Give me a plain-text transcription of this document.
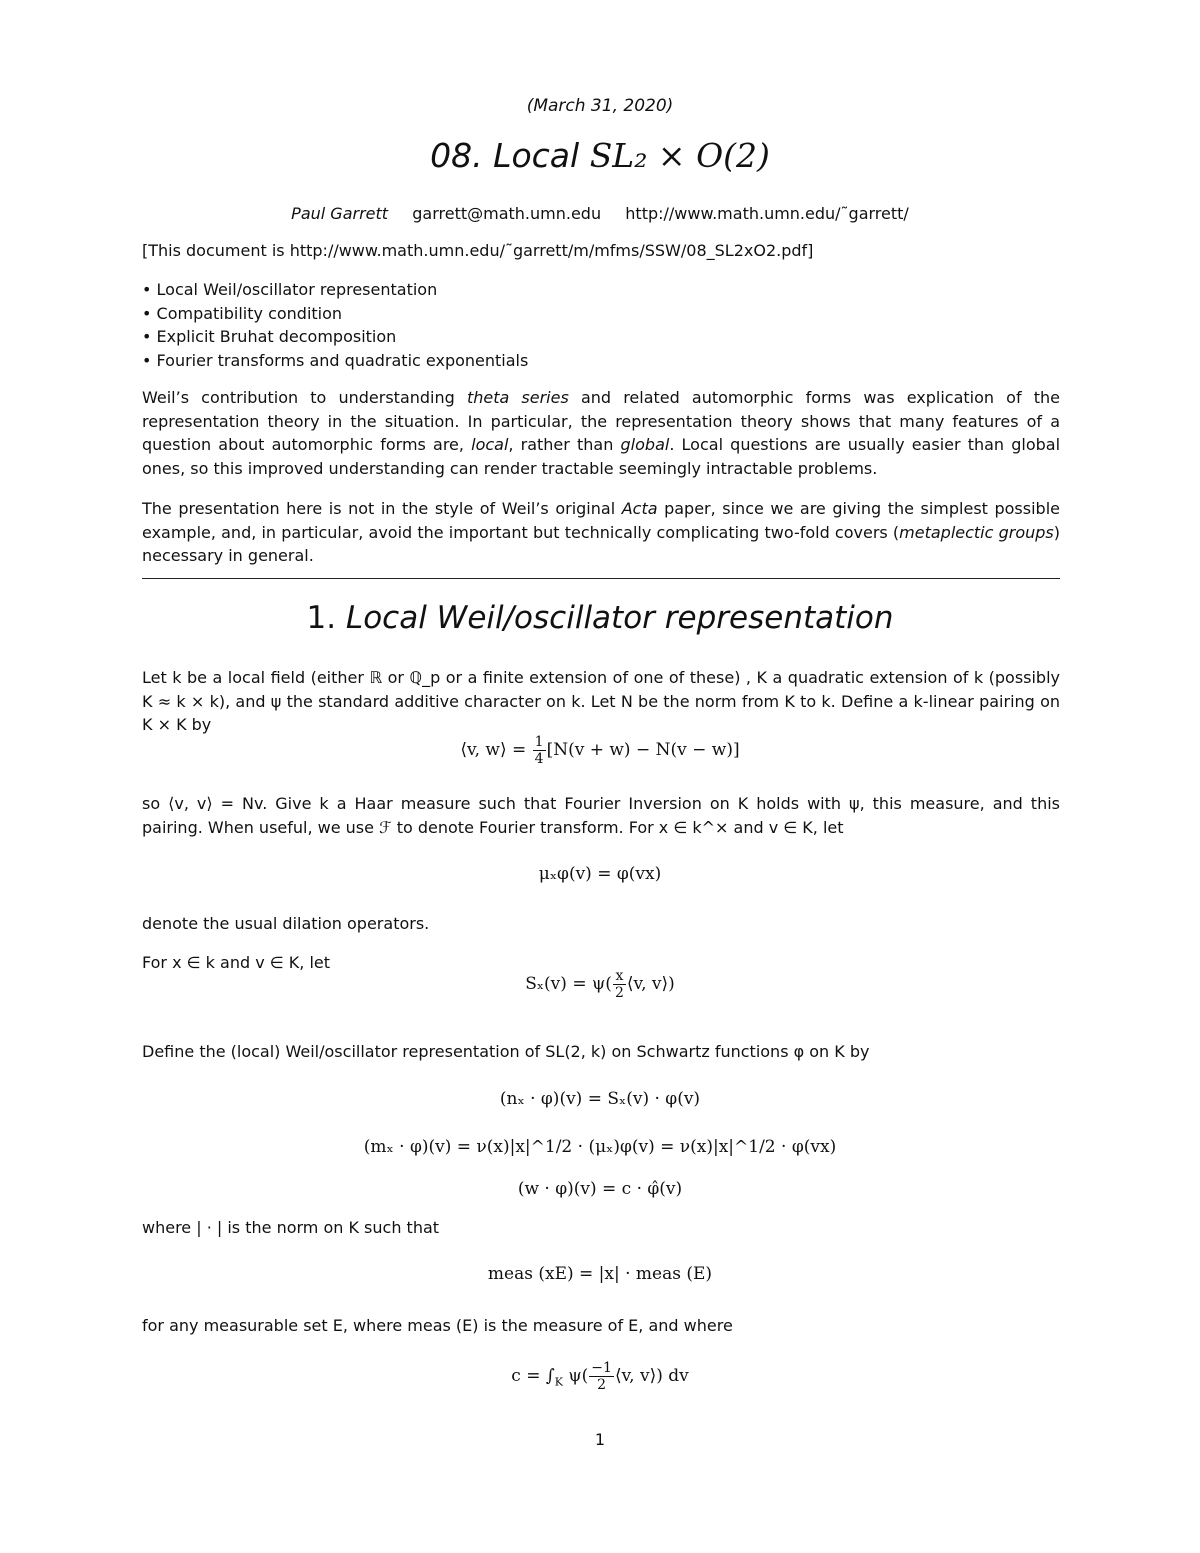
(March 31, 2020)
08. Local SL₂ × O(2)
Paul Garrett garrett@math.umn.edu http://www.math.umn.edu/˜garrett/
[This document is http://www.math.umn.edu/˜garrett/m/mfms/SSW/08_SL2xO2.pdf]
• Local Weil/oscillator representation
• Compatibility condition
• Explicit Bruhat decomposition
• Fourier transforms and quadratic exponentials
Weil’s contribution to understanding theta series and related automorphic forms was explication of the representation theory in the situation. In particular, the representation theory shows that many features of a question about automorphic forms are, local, rather than global. Local questions are usually easier than global ones, so this improved understanding can render tractable seemingly intractable problems.
The presentation here is not in the style of Weil’s original Acta paper, since we are giving the simplest possible example, and, in particular, avoid the important but technically complicating two-fold covers (metaplectic groups) necessary in general.
1. Local Weil/oscillator representation
Let k be a local field (either ℝ or ℚ_p or a finite extension of one of these) , K a quadratic extension of k (possibly K ≈ k × k), and ψ the standard additive character on k. Let N be the norm from K to k. Define a k-linear pairing on K × K by
⟨v, w⟩ = $\frac{1}{4} [N(v + w) - N(v - w)]$
so ⟨v, v⟩ = Nv. Give k a Haar measure such that Fourier Inversion on K holds with ψ, this measure, and this pairing. When useful, we use ℱ to denote Fourier transform. For x ∈ k^× and v ∈ K, let
μₓφ(v) = φ(vx)
denote the usual dilation operators.
For x ∈ k and v ∈ K, let
$S_x(v) = \psi( \frac{x}{2}$ ⟨v, v⟩)
Define the (local) Weil/oscillator representation of SL(2, k) on Schwartz functions φ on K by
(nₓ · φ)(v) = Sₓ(v) · φ(v)
(mₓ · φ)(v) = ν(x)|x|^1/2 · (μₓ)φ(v) = ν(x)|x|^1/2 · φ(vx)
(w · φ)(v) = c · φ̂(v)
where | · | is the norm on K such that
meas (xE) = |x| · meas (E)
for any measurable set E, where meas (E) is the measure of E, and where
$c = \int_K$ $\psi( \frac{-1}{2}$ ⟨v, v⟩) dv
1
